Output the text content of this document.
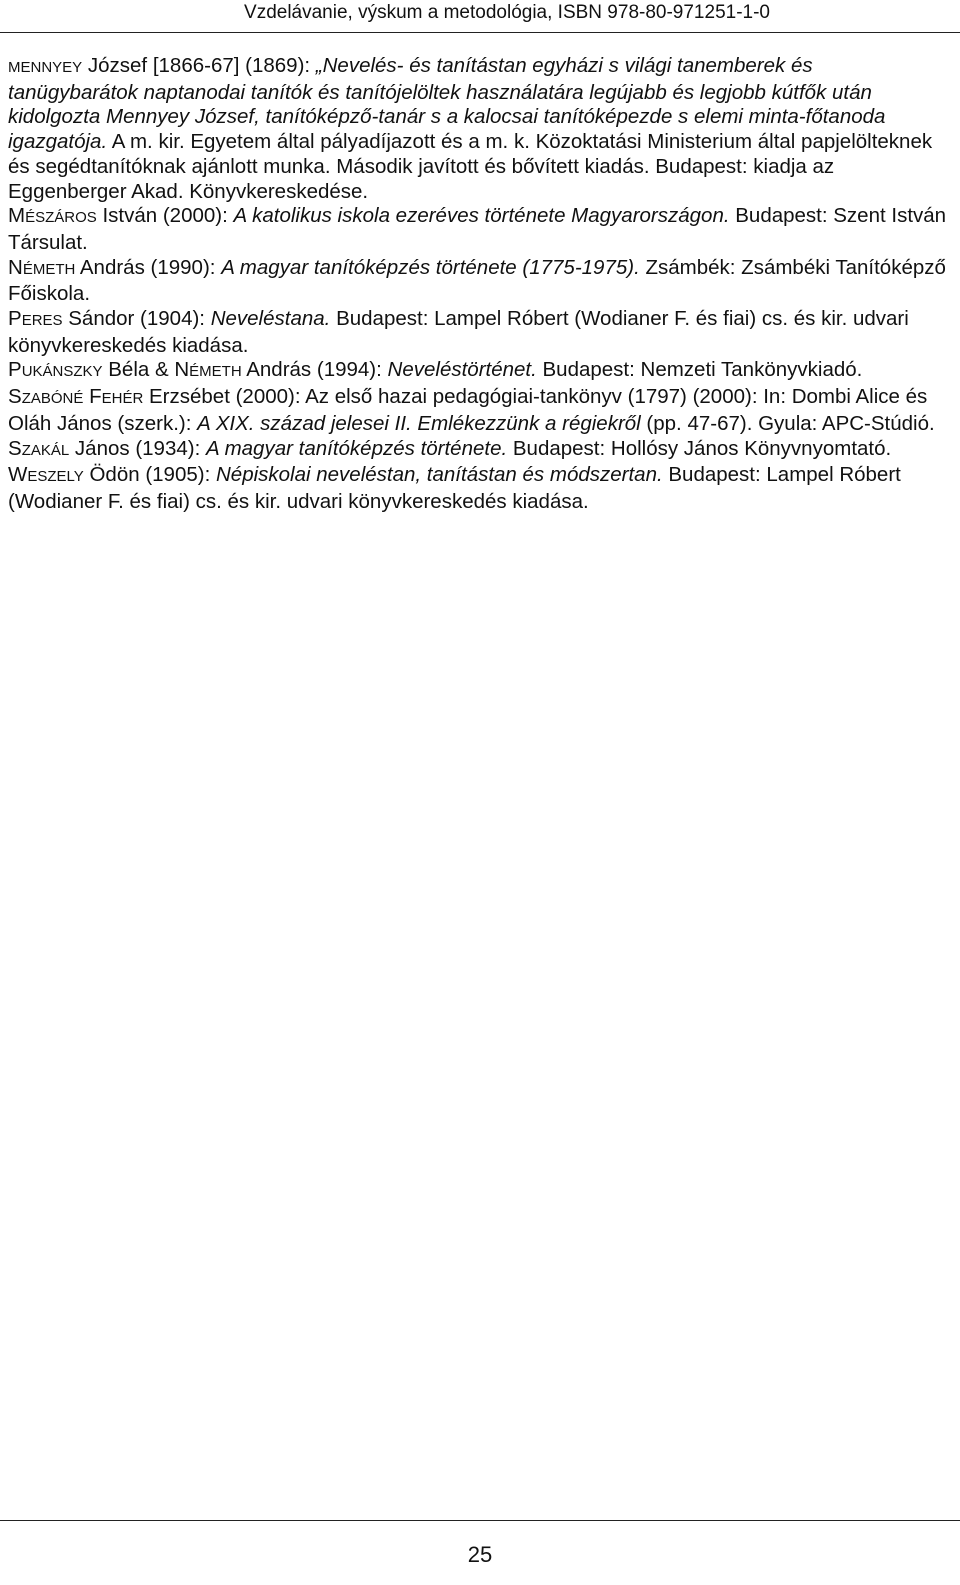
Vzdelávanie, výskum a metodológia, ISBN 978-80-971251-1-0

MENNYEY József [1866-67] (1869): „Nevelés- és tanítástan egyházi s világi tanemberek és tanügybarátok naptanodai tanítók és tanítójelöltek használatára legújabb és legjobb kútfők után kidolgozta Mennyey József, tanítóképző-tanár s a kalocsai tanítóképezde s elemi minta-főtanoda igazgatója. A m. kir. Egyetem által pályadíjazott és a m. k. Közoktatási Ministerium által papjelölteknek és segédtanítóknak ajánlott munka. Második javított és bővített kiadás. Budapest: kiadja az Eggenberger Akad. Könyvkereskedése.

MÉSZÁROS István (2000): A katolikus iskola ezeréves története Magyarországon. Budapest: Szent István Társulat.

NÉMETH András (1990): A magyar tanítóképzés története (1775-1975). Zsámbék: Zsámbéki Tanítóképző Főiskola.

PERES Sándor (1904): Neveléstana. Budapest: Lampel Róbert (Wodianer F. és fiai) cs. és kir. udvari könyvkereskedés kiadása.

PUKÁNSZKY Béla & NÉMETH András (1994): Neveléstörténet. Budapest: Nemzeti Tankönyvkiadó.

SZABÓNÉ FEHÉR Erzsébet (2000): Az első hazai pedagógiai-tankönyv (1797) (2000): In: Dombi Alice és Oláh János (szerk.): A XIX. század jelesei II. Emlékezzünk a régiekről (pp. 47-67). Gyula: APC-Stúdió.

SZAKÁL János (1934): A magyar tanítóképzés története. Budapest: Hollósy János Könyvnyomtató.

WESZELY Ödön (1905): Népiskolai neveléstan, tanítástan és módszertan. Budapest: Lampel Róbert (Wodianer F. és fiai) cs. és kir. udvari könyvkereskedés kiadása.

25
